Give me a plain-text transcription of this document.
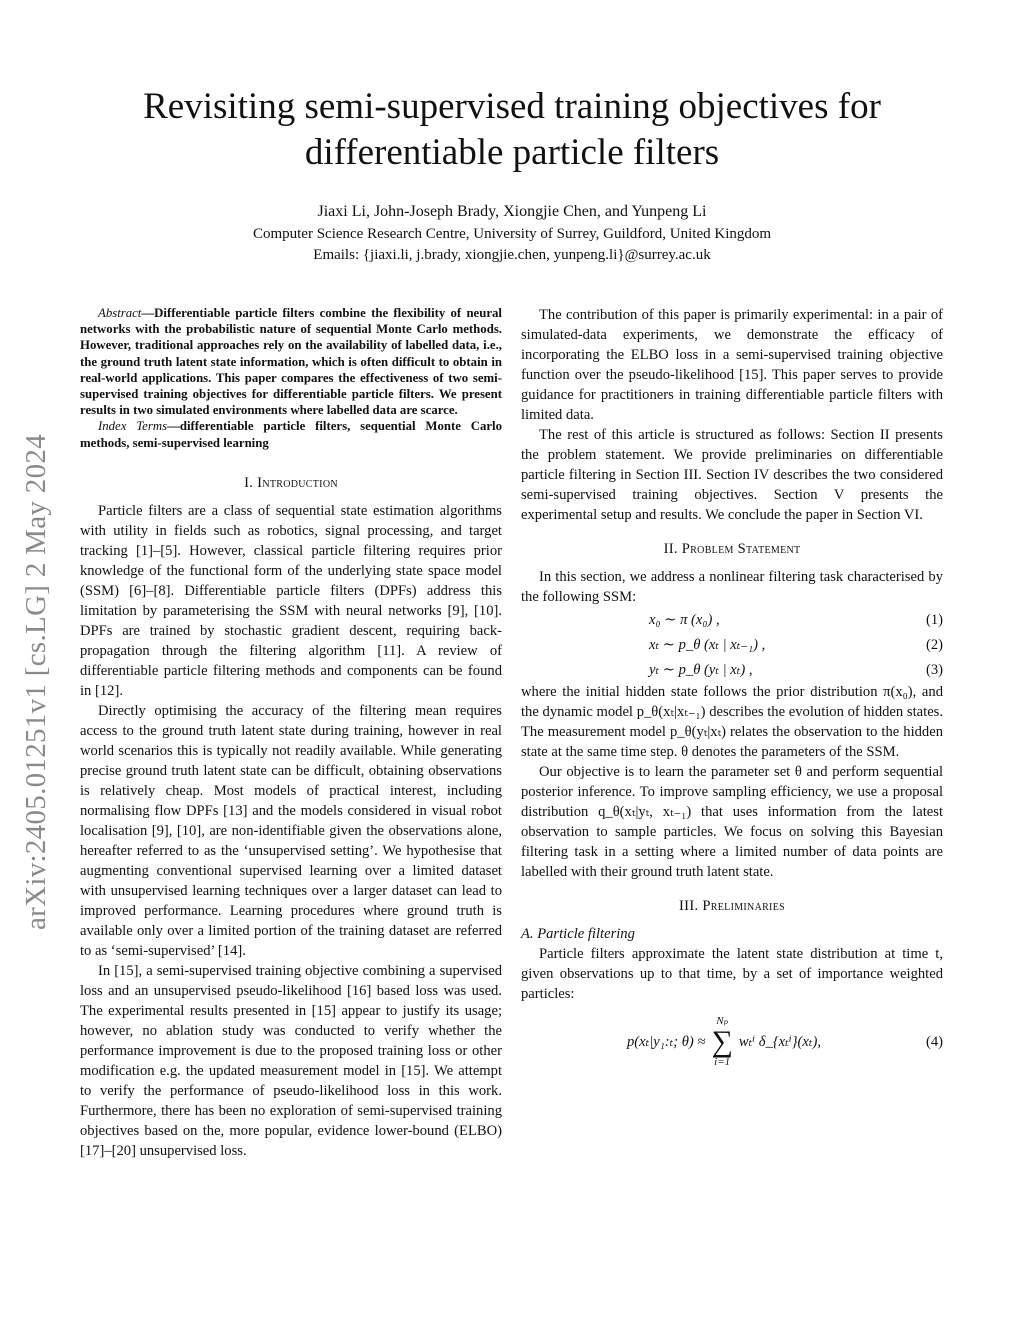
Revisiting semi-supervised training objectives for differentiable particle filters
Jiaxi Li, John-Joseph Brady, Xiongjie Chen, and Yunpeng Li
Computer Science Research Centre, University of Surrey, Guildford, United Kingdom
Emails: {jiaxi.li, j.brady, xiongjie.chen, yunpeng.li}@surrey.ac.uk
arXiv:2405.01251v1 [cs.LG] 2 May 2024

Abstract—Differentiable particle filters combine the flexibility of neural networks with the probabilistic nature of sequential Monte Carlo methods. However, traditional approaches rely on the availability of labelled data, i.e., the ground truth latent state information, which is often difficult to obtain in real-world applications. This paper compares the effectiveness of two semi-supervised training objectives for differentiable particle filters. We present results in two simulated environments where labelled data are scarce.

Index Terms—differentiable particle filters, sequential Monte Carlo methods, semi-supervised learning

I. Introduction

Particle filters are a class of sequential state estimation algorithms with utility in fields such as robotics, signal processing, and target tracking [1]–[5]. However, classical particle filtering requires prior knowledge of the functional form of the underlying state space model (SSM) [6]–[8]. Differentiable particle filters (DPFs) address this limitation by parameterising the SSM with neural networks [9], [10]. DPFs are trained by stochastic gradient descent, requiring back-propagation through the filtering algorithm [11]. A review of differentiable particle filtering methods and components can be found in [12].

Directly optimising the accuracy of the filtering mean requires access to the ground truth latent state during training, however in real world scenarios this is typically not readily available. While generating precise ground truth latent state can be difficult, obtaining observations is relatively cheap. Most models of practical interest, including normalising flow DPFs [13] and the models considered in visual robot localisation [9], [10], are non-identifiable given the observations alone, hereafter referred to as the ‘unsupervised setting’. We hypothesise that augmenting conventional supervised learning over a limited dataset with unsupervised learning techniques over a larger dataset can lead to improved performance. Learning procedures where ground truth is available only over a limited portion of the training dataset are referred to as ‘semi-supervised’ [14].

In [15], a semi-supervised training objective combining a supervised loss and an unsupervised pseudo-likelihood [16] based loss was used. The experimental results presented in [15] appear to justify its usage; however, no ablation study was conducted to verify whether the performance improvement is due to the proposed training loss or other modification e.g. the updated measurement model in [15]. We attempt to verify the performance of pseudo-likelihood loss in this work. Furthermore, there has been no exploration of semi-supervised training objectives based on the, more popular, evidence lower-bound (ELBO) [17]–[20] unsupervised loss.

The contribution of this paper is primarily experimental: in a pair of simulated-data experiments, we demonstrate the efficacy of incorporating the ELBO loss in a semi-supervised training objective function over the pseudo-likelihood [15]. This paper serves to provide guidance for practitioners in training differentiable particle filters with limited data.

The rest of this article is structured as follows: Section II presents the problem statement. We provide preliminaries on differentiable particle filtering in Section III. Section IV describes the two considered semi-supervised training objectives. Section V presents the experimental setup and results. We conclude the paper in Section VI.

II. Problem Statement

In this section, we address a nonlinear filtering task characterised by the following SSM:

x₀ ∼ π (x₀) ,	(1)
xₜ ∼ p_θ (xₜ | xₜ₋₁) ,	(2)
yₜ ∼ p_θ (yₜ | xₜ) ,	(3)

where the initial hidden state follows the prior distribution π(x₀), and the dynamic model p_θ(xₜ|xₜ₋₁) describes the evolution of hidden states. The measurement model p_θ(yₜ|xₜ) relates the observation to the hidden state at the same time step. θ denotes the parameters of the SSM.

Our objective is to learn the parameter set θ and perform sequential posterior inference. To improve sampling efficiency, we use a proposal distribution q_θ(xₜ|yₜ, xₜ₋₁) that uses information from the latest observation to sample particles. We focus on solving this Bayesian filtering task in a setting where a limited number of data points are labelled with their ground truth latent state.

III. Preliminaries
A. Particle filtering

Particle filters approximate the latent state distribution at time t, given observations up to that time, by a set of importance weighted particles:

p(xₜ|y₁:ₜ; θ) ≈
Nₚ
∑
i=1
wₜⁱ δ_{xₜⁱ}(xₜ),	(4)
